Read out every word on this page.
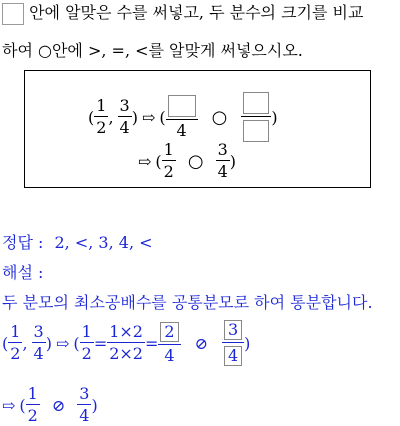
안에 알맞은 수를 써넣고, 두 분수의 크기를 비교
하여 ○안에 >, =, <를 알맞게 써넣으시오.
( $\frac{1}{2}$ , $\frac{3}{4}$ ) ⇨ (
4
○	)
⇨ ( $\frac{1}{2}$ ○ $\frac{3}{4}$ )
정답 : 2, <, 3, 4, <
해설 :
두 분모의 최소공배수를 공통분모로 하여 통분합니다.
( $\frac{1}{2}$ , $\frac{3}{4}$ ) ⇨ ( $\frac{1}{2} = \frac{1\times 2}{2\times 2} = \frac{2}{4}$ ⊘ $\frac{3}{4}$ )
⇨ ( $\frac{1}{2}$ ⊘ $\frac{3}{4}$ )
